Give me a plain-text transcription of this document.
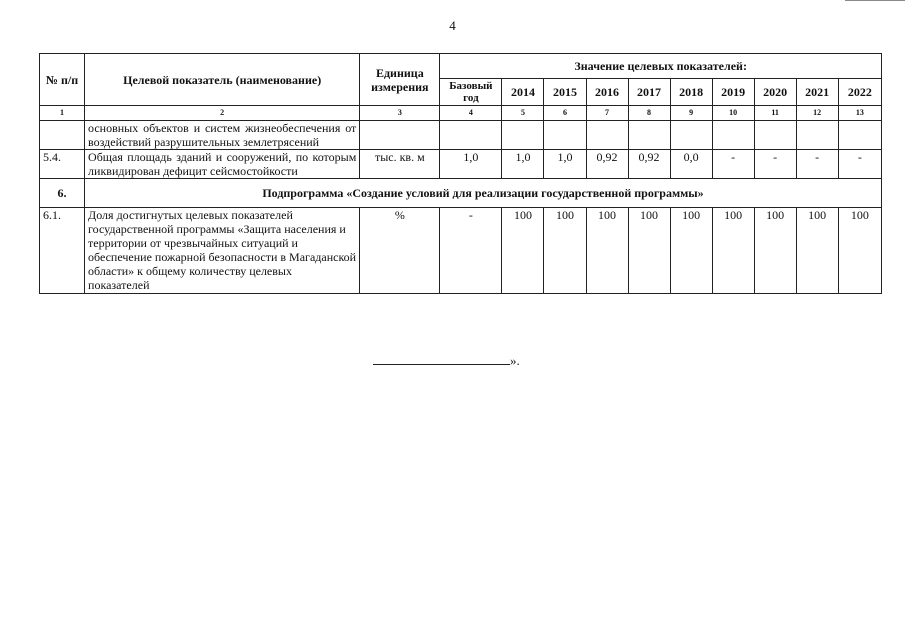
4
№ п/п	Целевой показатель (наименование)	Единица измерения	Значение целевых показателей:									
			Базовый год	2014	2015	2016	2017	2018	2019	2020	2021	2022
1	2	3	4	5	6	7	8	9	10	11	12	13
	основных объектов и систем жизнеобеспечения от воздействий разрушительных землетрясений											
5.4.	Общая площадь зданий и сооружений, по которым ликвидирован дефицит сейсмостойкости	тыс. кв. м	1,0	1,0	1,0	0,92	0,92	0,0	-	-	-	-
6.	Подпрограмма «Создание условий для реализации государственной программы»											
6.1.	Доля достигнутых целевых показателей государственной программы «Защита населения и территории от чрезвычайных ситуаций и обеспечение пожарной безопасности в Магаданской области» к общему количеству целевых показателей	%	-	100	100	100	100	100	100	100	100	100
».
